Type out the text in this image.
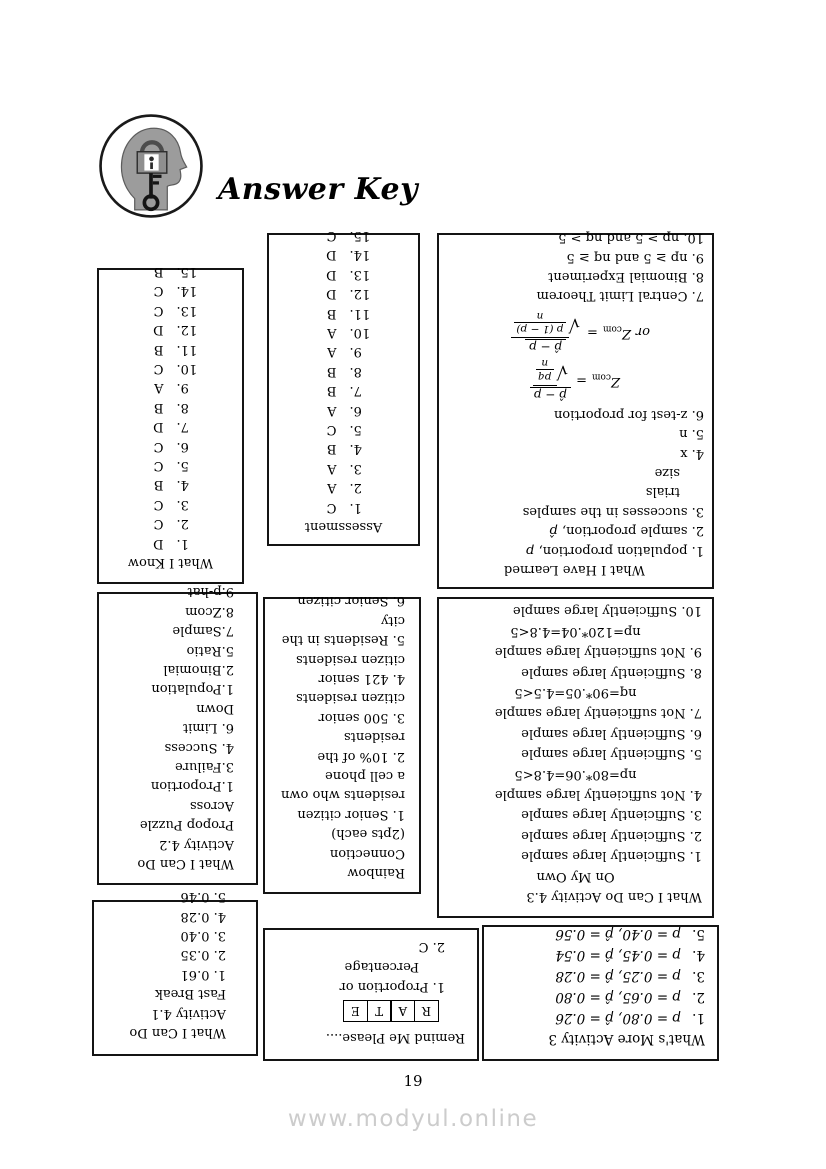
Answer Key
What I Know
1.
D
2.
C
3.
C
4.
B
5.
C
6.
C
7.
D
8.
B
9.
A
10.
C
11.
B
12.
D
13.
C
14.
C
15.
B
Assessment
1.
C
2.
A
3.
A
4.
B
5.
C
6.
A
7.
B
8.
B
9.
A
10.
A
11.
B
12.
D
13.
D
14.
D
15.
C
What I Have Learned
1. population proportion, p
2. sample proportion, p̂
3. successes in the samples
trials
size
4. x
5. n
6. z-test for proportion
$Z_{com}$
=
p̂ − p
√
pq
n
or
$Z_{com}$
=
p̂ − p
√
p (1 − p)
n
7. Central Limit Theorem
8. Binomial Experiment
9. np ≥ 5 and nq ≥ 5
10. np ≥ 5 and nq ≥ 5
What I Can Do
Activity 4.2
Propop Puzzle
Across
1.Proportion
3.Failure
4. Success
6. Limit
Down
1.Population
2.Binomial
5.Ratio
7.Sample
8.Zcom
9.p-hat
Rainbow
Connection
(2pts each)
1. Senior citizen
residents who own
a cell phone
2. 10% of the
residents
3. 500 senior
citizen residents
4. 421 senior
citizen residents
5. Residents in the
city
6. Senior citizen
What I Can Do Activity 4.3
On My Own
1. Sufficiently large sample
2. Sufficiently large sample
3. Sufficiently large sample
4. Not sufficiently large sample
np=80*.06=4.8<5
5. Sufficiently large sample
6. Sufficiently large sample
7. Not sufficiently large sample
nq=90*.05=4.5<5
8. Sufficiently large sample
9. Not sufficiently large sample
np=120*.04=4.8<5
10. Sufficiently large sample
What I Can Do
Activity 4.1
Fast Break
1. 0.61
2. 0.35
3. 0.40
4. 0.28
5. 0.46
Remind Me Please....
R
A
T
E
1. Proportion or
Percentage
2. C
What's More Activity 3
1.
p = 0.80, p̂ = 0.26
2.
p = 0.65, p̂ = 0.80
3.
p = 0.25, p̂ = 0.28
4.
p = 0.45, p̂ = 0.54
5.
p = 0.40, p̂ = 0.56
19
www.modyul.online
